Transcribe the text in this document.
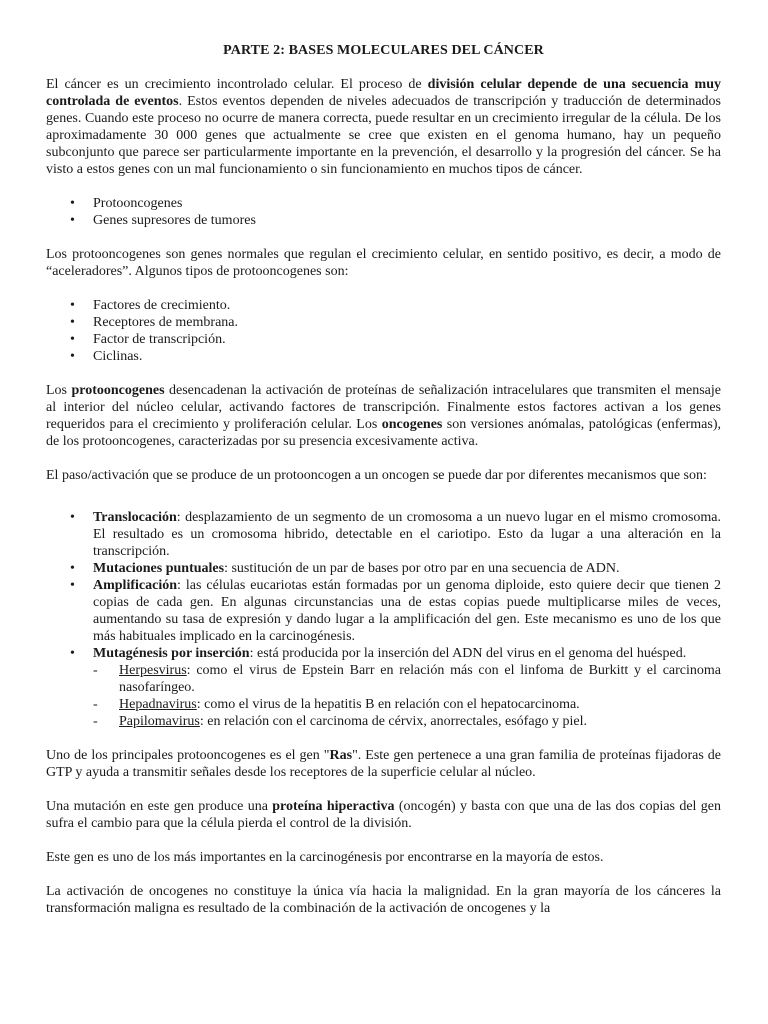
PARTE 2: BASES MOLECULARES DEL CÁNCER

El cáncer es un crecimiento incontrolado celular. El proceso de división celular depende de una secuencia muy controlada de eventos. Estos eventos dependen de niveles adecuados de transcripción y traducción de determinados genes. Cuando este proceso no ocurre de manera correcta, puede resultar en un crecimiento irregular de la célula. De los aproximadamente 30 000 genes que actualmente se cree que existen en el genoma humano, hay un pequeño subconjunto que parece ser particularmente importante en la prevención, el desarrollo y la progresión del cáncer. Se ha visto a estos genes con un mal funcionamiento o sin funcionamiento en muchos tipos de cáncer.

• Protooncogenes
• Genes supresores de tumores

Los protooncogenes son genes normales que regulan el crecimiento celular, en sentido positivo, es decir, a modo de “aceleradores”. Algunos tipos de protooncogenes son:

• Factores de crecimiento.
• Receptores de membrana.
• Factor de transcripción.
• Ciclinas.

Los protooncogenes desencadenan la activación de proteínas de señalización intracelulares que transmiten el mensaje al interior del núcleo celular, activando factores de transcripción. Finalmente estos factores activan a los genes requeridos para el crecimiento y proliferación celular. Los oncogenes son versiones anómalas, patológicas (enfermas), de los protooncogenes, caracterizadas por su presencia excesivamente activa.

El paso/activación que se produce de un protooncogen a un oncogen se puede dar por diferentes mecanismos que son:

• Translocación: desplazamiento de un segmento de un cromosoma a un nuevo lugar en el mismo cromosoma. El resultado es un cromosoma hibrido, detectable en el cariotipo. Esto da lugar a una alteración en la transcripción.
• Mutaciones puntuales: sustitución de un par de bases por otro par en una secuencia de ADN.
• Amplificación: las células eucariotas están formadas por un genoma diploide, esto quiere decir que tienen 2 copias de cada gen. En algunas circunstancias una de estas copias puede multiplicarse miles de veces, aumentando su tasa de expresión y dando lugar a la amplificación del gen. Este mecanismo es uno de los que más habituales implicado en la carcinogénesis.
• Mutagénesis por inserción: está producida por la inserción del ADN del virus en el genoma del huésped.
- Herpesvirus: como el virus de Epstein Barr en relación más con el linfoma de Burkitt y el carcinoma nasofaríngeo.
- Hepadnavirus: como el virus de la hepatitis B en relación con el hepatocarcinoma.
- Papilomavirus: en relación con el carcinoma de cérvix, anorrectales, esófago y piel.

Uno de los principales protooncogenes es el gen "Ras". Este gen pertenece a una gran familia de proteínas fijadoras de GTP y ayuda a transmitir señales desde los receptores de la superficie celular al núcleo.

Una mutación en este gen produce una proteína hiperactiva (oncogén) y basta con que una de las dos copias del gen sufra el cambio para que la célula pierda el control de la división.

Este gen es uno de los más importantes en la carcinogénesis por encontrarse en la mayoría de estos.

La activación de oncogenes no constituye la única vía hacia la malignidad. En la gran mayoría de los cánceres la transformación maligna es resultado de la combinación de la activación de oncogenes y la
